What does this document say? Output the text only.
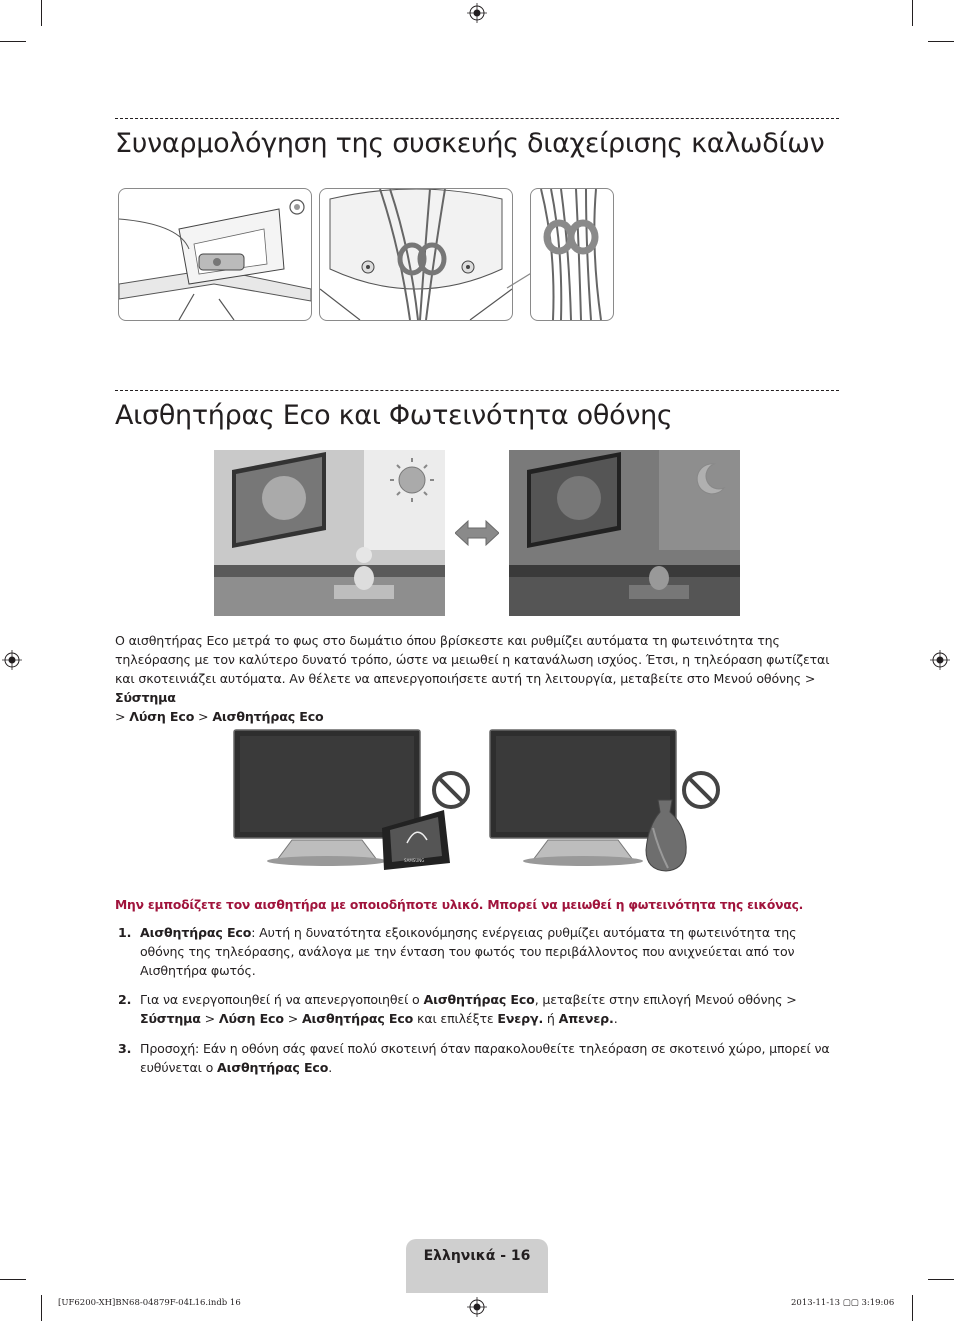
Συναρμολόγηση της συσκευής διαχείρισης καλωδίων
Αισθητήρας Eco και Φωτεινότητα οθόνης
Ο αισθητήρας Eco μετρά το φως στο δωμάτιο όπου βρίσκεστε και ρυθμίζει αυτόματα τη φωτεινότητα της τηλεόρασης με τον καλύτερο δυνατό τρόπο, ώστε να μειωθεί η κατανάλωση ισχύος. Έτσι, η τηλεόραση φωτίζεται και σκοτεινιάζει αυτόματα. Αν θέλετε να απενεργοποιήσετε αυτή τη λειτουργία, μεταβείτε στο Μενού οθόνης > Σύστημα
> Λύση Eco > Αισθητήρας Eco
SAMSUNG
Μην εμποδίζετε τον αισθητήρα με οποιοδήποτε υλικό. Μπορεί να μειωθεί η φωτεινότητα της εικόνας.
1. Αισθητήρας Eco: Αυτή η δυνατότητα εξοικονόμησης ενέργειας ρυθμίζει αυτόματα τη φωτεινότητα της οθόνης της τηλεόρασης, ανάλογα με την ένταση του φωτός του περιβάλλοντος που ανιχνεύεται από τον Αισθητήρα φωτός.
2. Για να ενεργοποιηθεί ή να απενεργοποιηθεί ο Αισθητήρας Eco, μεταβείτε στην επιλογή Μενού οθόνης >
Σύστημα > Λύση Eco > Αισθητήρας Eco και επιλέξτε Ενεργ. ή Απενερ..
3. Προσοχή: Εάν η οθόνη σάς φανεί πολύ σκοτεινή όταν παρακολουθείτε τηλεόραση σε σκοτεινό χώρο, μπορεί να ευθύνεται ο Αισθητήρας Eco.
Ελληνικά - 16
[UF6200-XH]BN68-04879F-04L16.indb 16	2013-11-13 ▢▢ 3:19:06
